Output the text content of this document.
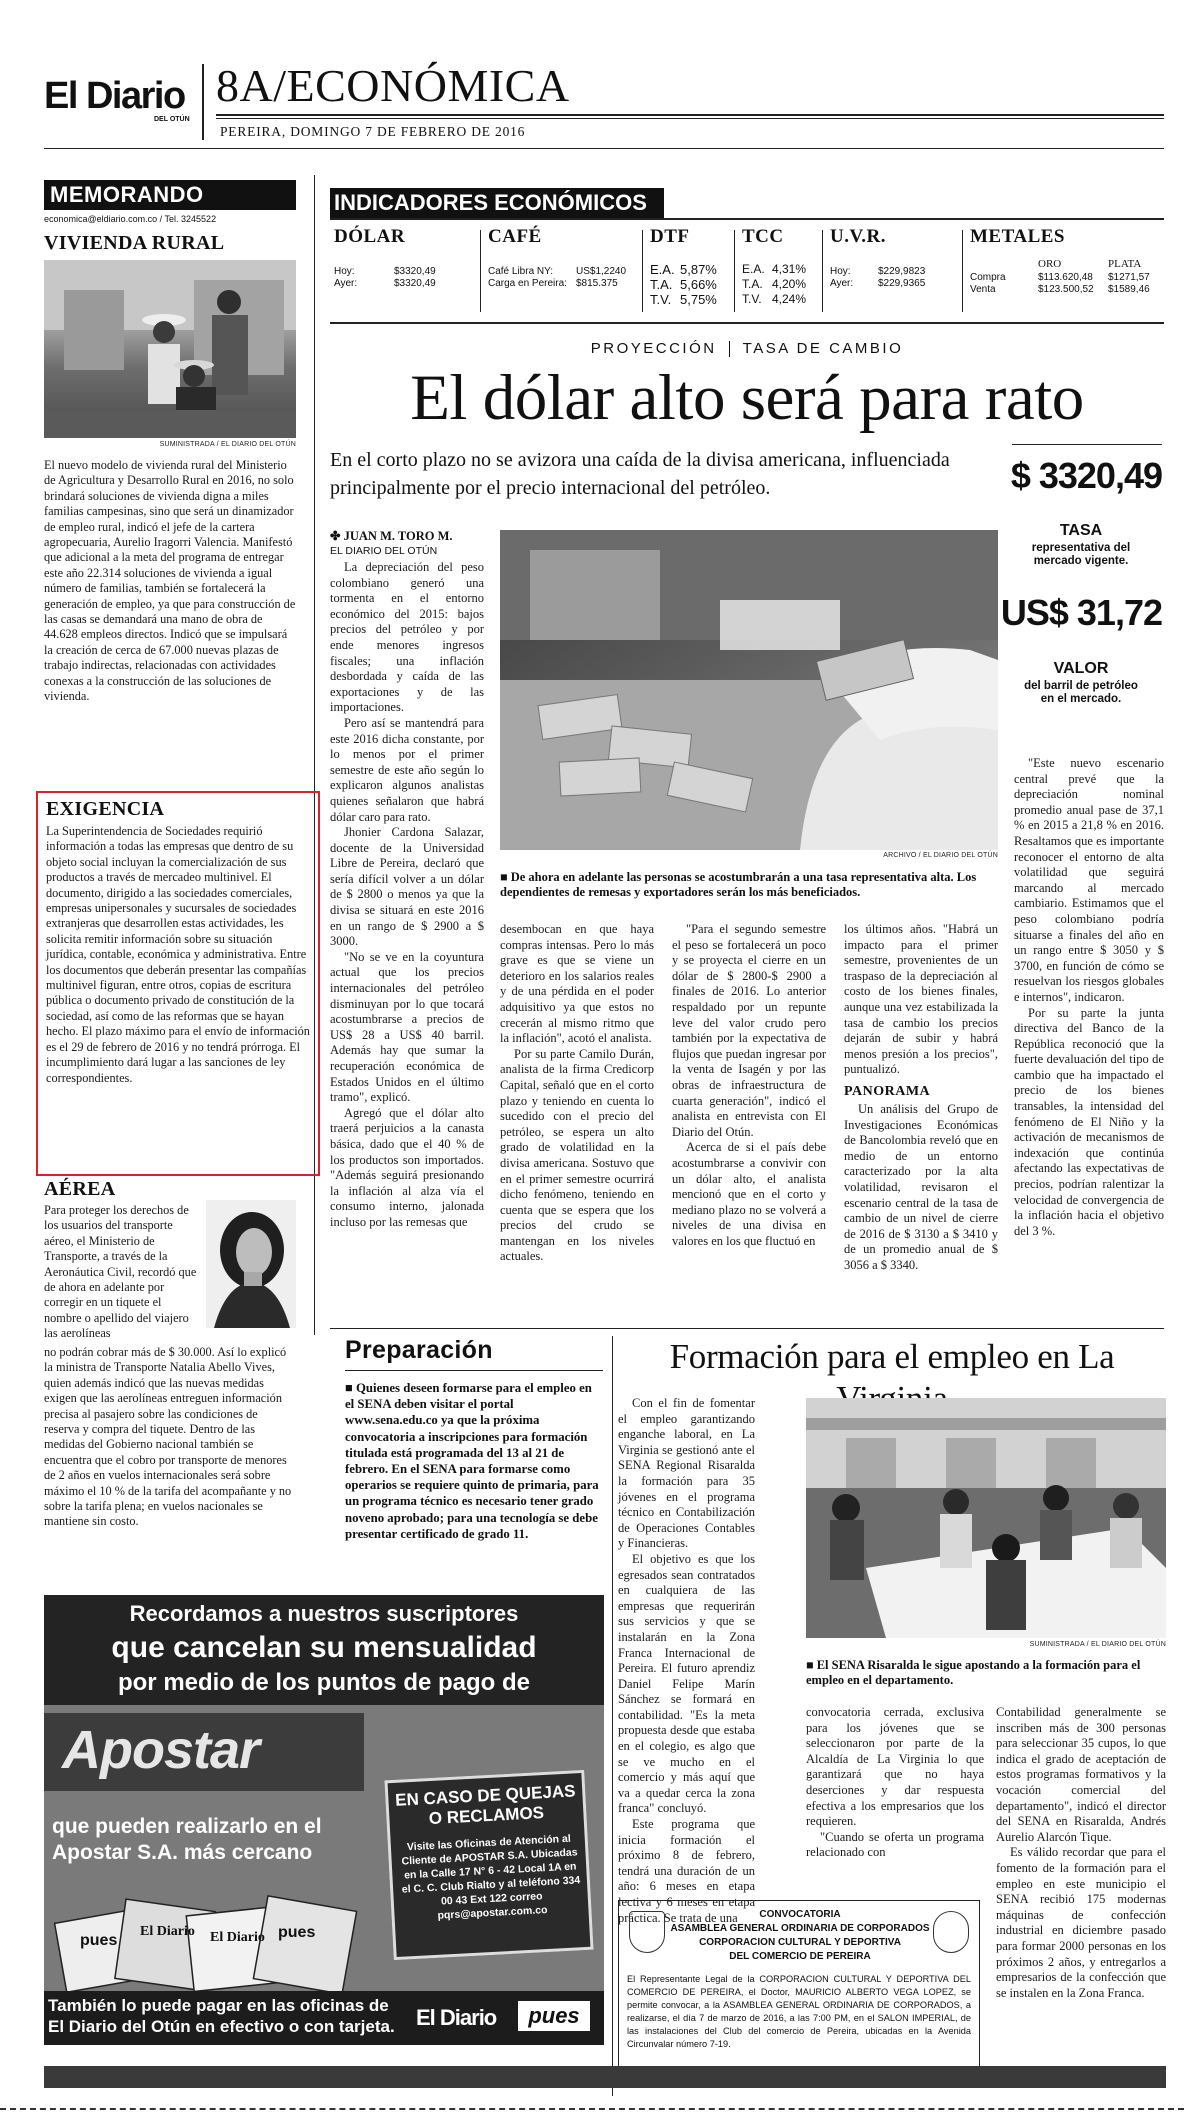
El Diario
DEL OTÚN
8A/ECONÓMICA
PEREIRA, DOMINGO 7 DE FEBRERO DE 2016
MEMORANDO
economica@eldiario.com.co / Tel. 3245522
VIVIENDA RURAL
SUMINISTRADA / EL DIARIO DEL OTÚN
El nuevo modelo de vivienda rural del Ministerio de Agricultura y Desarrollo Rural en 2016, no solo brindará soluciones de vivienda digna a miles familias campesinas, sino que será un dinamizador de empleo rural, indicó el jefe de la cartera agropecuaria, Aurelio Iragorri Valencia. Manifestó que adicional a la meta del programa de entregar este año 22.314 soluciones de vivienda a igual número de familias, también se fortalecerá la generación de empleo, ya que para construcción de las casas se demandará una mano de obra de 44.628 empleos directos. Indicó que se impulsará la creación de cerca de 67.000 nuevas plazas de trabajo indirectas, relacionadas con actividades conexas a la construcción de las soluciones de vivienda.
EXIGENCIA
La Superintendencia de Sociedades requirió información a todas las empresas que dentro de su objeto social incluyan la comercialización de sus productos a través de mercadeo multinivel. El documento, dirigido a las sociedades comerciales, empresas unipersonales y sucursales de sociedades extranjeras que desarrollen estas actividades, les solicita remitir información sobre su situación jurídica, contable, económica y administrativa. Entre los documentos que deberán presentar las compañías multinivel figuran, entre otros, copias de escritura pública o documento privado de constitución de la sociedad, así como de las reformas que se hayan hecho. El plazo máximo para el envío de información es el 29 de febrero de 2016 y no tendrá prórroga. El incumplimiento dará lugar a las sanciones de ley correspondientes.
AÉREA
Para proteger los derechos de los usuarios del transporte aéreo, el Ministerio de Transporte, a través de la Aeronáutica Civil, recordó que de ahora en adelante por corregir en un tiquete el nombre o apellido del viajero las aerolíneas
no podrán cobrar más de $ 30.000. Así lo explicó la ministra de Transporte Natalia Abello Vives, quien además indicó que las nuevas medidas exigen que las aerolíneas entreguen información precisa al pasajero sobre las condiciones de reserva y compra del tiquete. Dentro de las medidas del Gobierno nacional también se encuentra que el cobro por transporte de menores de 2 años en vuelos internacionales será sobre máximo el 10 % de la tarifa del acompañante y no sobre la tarifa plena; en vuelos nacionales se mantiene sin costo.
INDICADORES ECONÓMICOS
DÓLAR
Hoy:	$3320,49
Ayer:	$3320,49
CAFÉ
Café Libra NY: US$1,2240
Carga en Pereira: $815.375
DTF
E.A. 5,87%
T.A. 5,66%
T.V. 5,75%
TCC
E.A. 4,31%
T.A. 4,20%
T.V. 4,24%
U.V.R.
Hoy:	$229,9823
Ayer: $229,9365
METALES
ORO	PLATA
Compra	$113.620,48 $1271,57
Venta	$123.500,52 $1589,46
PROYECCIÓN TASA DE CAMBIO
El dólar alto será para rato
En el corto plazo no se avizora una caída de la divisa americana, influenciada principalmente por el precio internacional del petróleo.	$ 3320,49
TASA
representativa del mercado vigente.
US$ 31,72
VALOR
del barril de petróleo en el mercado.
✤ JUAN M. TORO M.
EL DIARIO DEL OTÚN

La depreciación del peso colombiano generó una tormenta en el entorno económico del 2015: bajos precios del petróleo y por ende menores ingresos fiscales; una inflación desbordada y caída de las exportaciones y de las importaciones.

Pero así se mantendrá para este 2016 dicha constante, por lo menos por el primer semestre de este año según lo explicaron algunos analistas quienes señalaron que habrá dólar caro para rato.

Jhonier Cardona Salazar, docente de la Universidad Libre de Pereira, declaró que sería difícil volver a un dólar de $ 2800 o menos ya que la divisa se situará en este 2016 en un rango de $ 2900 a $ 3000.

"No se ve en la coyuntura actual que los precios internacionales del petróleo disminuyan por lo que tocará acostumbrarse a precios de US$ 28 a US$ 40 barril. Además hay que sumar la recuperación económica de Estados Unidos en el último tramo", explicó.

Agregó que el dólar alto traerá perjuicios a la canasta básica, dado que el 40 % de los productos son importados. "Además seguirá presionando la inflación al alza vía el consumo interno, jalonada incluso por las remesas que

ARCHIVO / EL DIARIO DEL OTÚN
■ De ahora en adelante las personas se acostumbrarán a una tasa representativa alta. Los dependientes de remesas y exportadores serán los más beneficiados.

desembocan en que haya compras intensas. Pero lo más grave es que se viene un deterioro en los salarios reales y de una pérdida en el poder adquisitivo ya que estos no crecerán al mismo ritmo que la inflación", acotó el analista.

Por su parte Camilo Durán, analista de la firma Credicorp Capital, señaló que en el corto plazo y teniendo en cuenta lo sucedido con el precio del petróleo, se espera un alto grado de volatilidad en la divisa americana. Sostuvo que en el primer semestre ocurrirá dicho fenómeno, teniendo en cuenta que se espera que los precios del crudo se mantengan en los niveles actuales.

"Para el segundo semestre el peso se fortalecerá un poco y se proyecta el cierre en un dólar de $ 2800-$ 2900 a finales de 2016. Lo anterior respaldado por un repunte leve del valor crudo pero también por la expectativa de flujos que puedan ingresar por la venta de Isagén y por las obras de infraestructura de cuarta generación", indicó el analista en entrevista con El Diario del Otún.

Acerca de si el país debe acostumbrarse a convivir con un dólar alto, el analista mencionó que en el corto y mediano plazo no se volverá a niveles de una divisa en valores en los que fluctuó en

los últimos años. "Habrá un impacto para el primer semestre, provenientes de un traspaso de la depreciación al costo de los bienes finales, aunque una vez estabilizada la tasa de cambio los precios dejarán de subir y habrá menos presión a los precios", puntualizó.

PANORAMA

Un análisis del Grupo de Investigaciones Económicas de Bancolombia reveló que en medio de un entorno caracterizado por la alta volatilidad, revisaron el escenario central de la tasa de cambio de un nivel de cierre de 2016 de $ 3130 a $ 3410 y de un promedio anual de $ 3056 a $ 3340.

"Este nuevo escenario central prevé que la depreciación nominal promedio anual pase de 37,1 % en 2015 a 21,8 % en 2016. Resaltamos que es importante reconocer el entorno de alta volatilidad que seguirá marcando al mercado cambiario. Estimamos que el peso colombiano podría situarse a finales del año en un rango entre $ 3050 y $ 3700, en función de cómo se resuelvan los riesgos globales e internos", indicaron.

Por su parte la junta directiva del Banco de la República reconoció que la fuerte devaluación del tipo de cambio que ha impactado el precio de los bienes transables, la intensidad del fenómeno de El Niño y la activación de mecanismos de indexación que continúa afectando las expectativas de precios, podrían ralentizar la velocidad de convergencia de la inflación hacia el objetivo del 3 %.

Preparación
■ Quienes deseen formarse para el empleo en el SENA deben visitar el portal www.sena.edu.co ya que la próxima convocatoria a inscripciones para formación titulada está programada del 13 al 21 de febrero. En el SENA para formarse como operarios se requiere quinto de primaria, para un programa técnico es necesario tener grado noveno aprobado; para una tecnología se debe presentar certificado de grado 11.
Formación para el empleo en La

Con el fin de fomentar el empleo garantizando enganche laboral, en La Virginia se gestionó ante el SENA Regional Risaralda la formación para 35 jóvenes en el programa técnico en Contabilización de Operaciones Contables y Financieras.

El objetivo es que los egresados sean contratados en cualquiera de las empresas que requerirán sus servicios y que se instalarán en la Zona Franca Internacional de Pereira. El futuro aprendiz Daniel Felipe Marín Sánchez se formará en contabilidad. "Es la meta propuesta desde que estaba en el colegio, es algo que se ve mucho en el comercio y más aquí que va a quedar cerca la zona franca" concluyó.

Este programa que inicia formación el próximo 8 de febrero, tendrá una duración de un año: 6 meses en etapa lectiva y 6 meses en etapa práctica. Se trata de una

SUMINISTRADA / EL DIARIO DEL OTÚN
■ El SENA Risaralda le sigue apostando a la formación para el empleo en el departamento.

convocatoria cerrada, exclusiva para los jóvenes que se seleccionaron por parte de la Alcaldía de La Virginia lo que garantizará que no haya deserciones y dar respuesta efectiva a los empresarios que los requieren.

"Cuando se oferta un programa relacionado con

Contabilidad generalmente se inscriben más de 300 personas para seleccionar 35 cupos, lo que indica el grado de aceptación de estos programas formativos y la vocación comercial del departamento", indicó el director del SENA en Risaralda, Andrés Aurelio Alarcón Tique.

Es válido recordar que para el fomento de la formación para el empleo en este municipio el SENA recibió 175 modernas máquinas de confección industrial en diciembre pasado para formar 2000 personas en los próximos 2 años, y entregarlos a empresarios de la confección que se instalen en la Zona Franca.

CONVOCATORIA
ASAMBLEA GENERAL ORDINARIA DE CORPORADOS
CORPORACION CULTURAL Y DEPORTIVA
DEL COMERCIO DE PEREIRA
El Representante Legal de la CORPORACION CULTURAL Y DEPORTIVA DEL COMERCIO DE PEREIRA, el Doctor, MAURICIO ALBERTO VEGA LOPEZ, se permite convocar, a la ASAMBLEA GENERAL ORDINARIA DE CORPORADOS, a realizarse, el día 7 de marzo de 2016, a las 7:00 PM, en el SALON IMPERIAL, de las instalaciones del Club del comercio de Pereira, ubicadas en la Avenida Circunvalar número 7-19.
Recordamos a nuestros suscriptores
que cancelan su mensualidad
por medio de los puntos de pago de
Apostar
que pueden realizarlo en el
Apostar S.A. más cercano
pues
El Diario El Diario pues
EN CASO DE QUEJAS O RECLAMOS
Visite las Oficinas de Atención al Cliente de APOSTAR S.A. Ubicadas en la Calle 17 N° 6 - 42 Local 1A en el C. C. Club Rialto y al teléfono 334 00 43 Ext 122 correo pqrs@apostar.com.co
También lo puede pagar en las oficinas de El Diario del Otún en efectivo o con tarjeta. El Diario	pues
